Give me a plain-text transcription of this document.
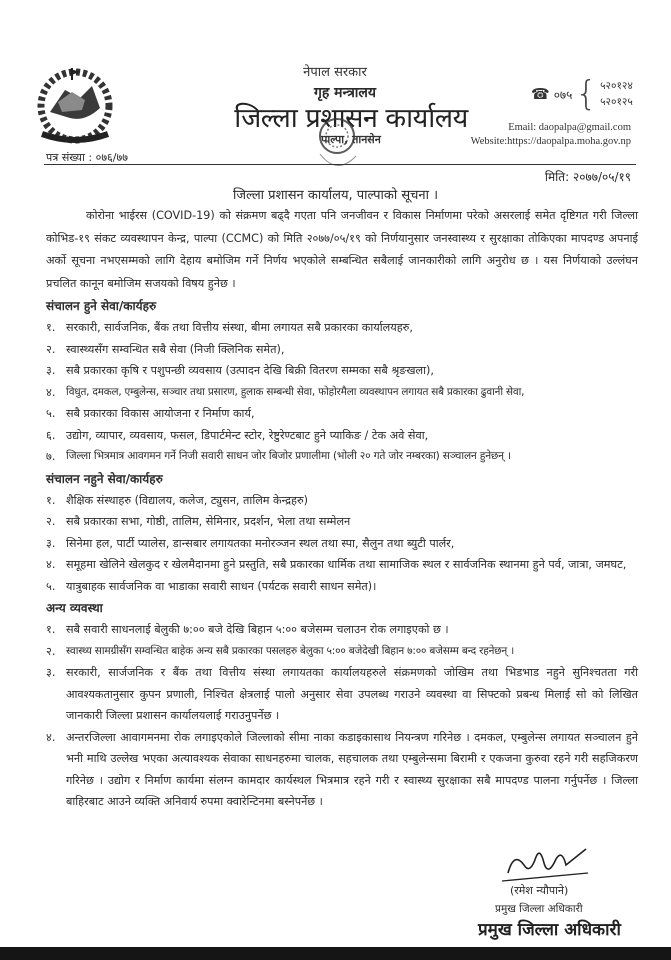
नेपाल सरकार
गृह मन्त्रालय
जिल्ला प्रशासन कार्यालय
पाल्पा, तानसेन
☎ ०७५ { ५२०१२४
५२०१२५
Email: daopalpa@gmail.com
Website:https://daopalpa.moha.gov.np
पत्र संख्या : ०७६/७७
मिति: २०७७/०५/१९
जिल्ला प्रशासन कार्यालय, पाल्पाको सूचना ।

कोरोना भाईरस (COVID-19) को संक्रमण बढ्दै गएता पनि जनजीवन र विकास निर्माणमा परेको असरलाई समेत दृष्टिगत गरी जिल्ला कोभिड-१९ संकट व्यवस्थापन केन्द्र, पाल्पा (CCMC) को मिति २०७७/०५/१९ को निर्णयानुसार जनस्वास्थ्य र सुरक्षाका तोकिएका मापदण्ड अपनाई अर्को सूचना नभएसम्मको लागि देहाय बमोजिम गर्ने निर्णय भएकोले सम्बन्धित सबैलाई जानकारीको लागि अनुरोध छ । यस निर्णयाको उल्लंघन प्रचलित कानून बमोजिम सजयको विषय हुनेछ ।

संचालन हुने सेवा/कार्यहरु

१. सरकारी, सार्वजनिक, बैंक तथा वित्तीय संस्था, बीमा लगायत सबै प्रकारका कार्यालयहरु,
२. स्वास्थ्यसँग सम्वन्धित सबै सेवा (निजी क्लिनिक समेत),
३. सबै प्रकारका कृषि र पशुपन्छी व्यवसाय (उत्पादन देखि बिक्री वितरण सम्मका सबै श्रृङखला),
४.	विधुत, दमकल, एम्बुलेन्स, सञ्चार तथा प्रसारण, हुलाक सम्बन्धी सेवा, फोहोरमैला व्यवस्थापन लगायत सबै प्रकारका ढुवानी सेवा,
५. सबै प्रकारका विकास आयोजना र निर्माण कार्य,
६. उद्योग, व्यापार, व्यवसाय, फसल, डिपार्टमेन्ट स्टोर, रेष्टुरेण्टबाट हुने प्याकिङ / टेक अवे सेवा,
७.	जिल्ला भित्रमात्र आवगमन गर्ने निजी सवारी साधन जोर बिजोर प्रणालीमा (भोली २० गते जोर नम्बरका) सञ्चालन हुनेछन् ।

संचालन नहुने सेवा/कार्यहरु

१. शैक्षिक संस्थाहरु (विद्यालय, कलेज, ट्युसन, तालिम केन्द्रहरु)
२. सबै प्रकारका सभा, गोष्ठी, तालिम, सेमिनार, प्रदर्शन, भेला तथा सम्मेलन
३. सिनेमा हल, पार्टी प्यालेस, डान्सबार लगायतका मनोरञ्जन स्थल तथा स्पा, सैलुन तथा ब्युटी पार्लर,
४. समूहमा खेलिने खेलकुद र खेलमैदानमा हुने प्रस्तुति, सबै प्रकारका धार्मिक तथा सामाजिक स्थल र सार्वजनिक स्थानमा हुने पर्व, जात्रा, जमघट,
५. यात्रुबाहक सार्वजनिक वा भाडाका सवारी साधन (पर्यटक सवारी साधन समेत)।

अन्य व्यवस्था

१. सबै सवारी साधनलाई बेलुकी ७:०० बजे देखि बिहान ५:०० बजेसम्म चलाउन रोक लगाइएको छ ।
२.	स्वास्थ्य सामग्रीसँग सम्वन्धित बाहेक अन्य सबै प्रकारका पसलहरु बेलुका ५:०० बजेदेखी बिहान ७:०० बजेसम्म बन्द रहनेछन् ।
३. सरकारी, सार्जजनिक र बैंक तथा वित्तीय संस्था लगायतका कार्यालयहरुले संक्रमणको जोखिम तथा भिडभाड नहुने सुनिश्चतता गरी आवश्यकतानुसार कुपन प्रणाली, निश्चित क्षेत्रलाई पालो अनुसार सेवा उपलब्ध गराउने व्यवस्था वा सिफ्टको प्रबन्ध मिलाई सो को लिखित जानकारी जिल्ला प्रशासन कार्यालयलाई गराउनुपर्नेछ ।
४. अन्तरजिल्ला आवागमनमा रोक लगाइएकोले जिल्लाको सीमा नाका कडाइकासाथ नियन्त्रण गरिनेछ । दमकल, एम्बुलेन्स लगायत सञ्चालन हुने भनी माथि उल्लेख भएका अत्यावश्यक सेवाका साधनहरुमा चालक, सहचालक तथा एम्बुलेन्समा बिरामी र एकजना कुरुवा रहने गरी सहजिकरण गरिनेछ । उद्योग र निर्माण कार्यमा संलग्न कामदार कार्यस्थल भित्रमात्र रहने गरी र स्वास्थ्य सुरक्षाका सबै मापदण्ड पालना गर्नुपर्नेछ । जिल्ला बाहिरबाट आउने व्यक्ति अनिवार्य रुपमा क्वारेन्टिनमा बस्नेपर्नेछ ।
(रमेश न्यौपाने)
प्रमुख जिल्ला अधिकारी
प्रमुख जिल्ला अधिकारी
